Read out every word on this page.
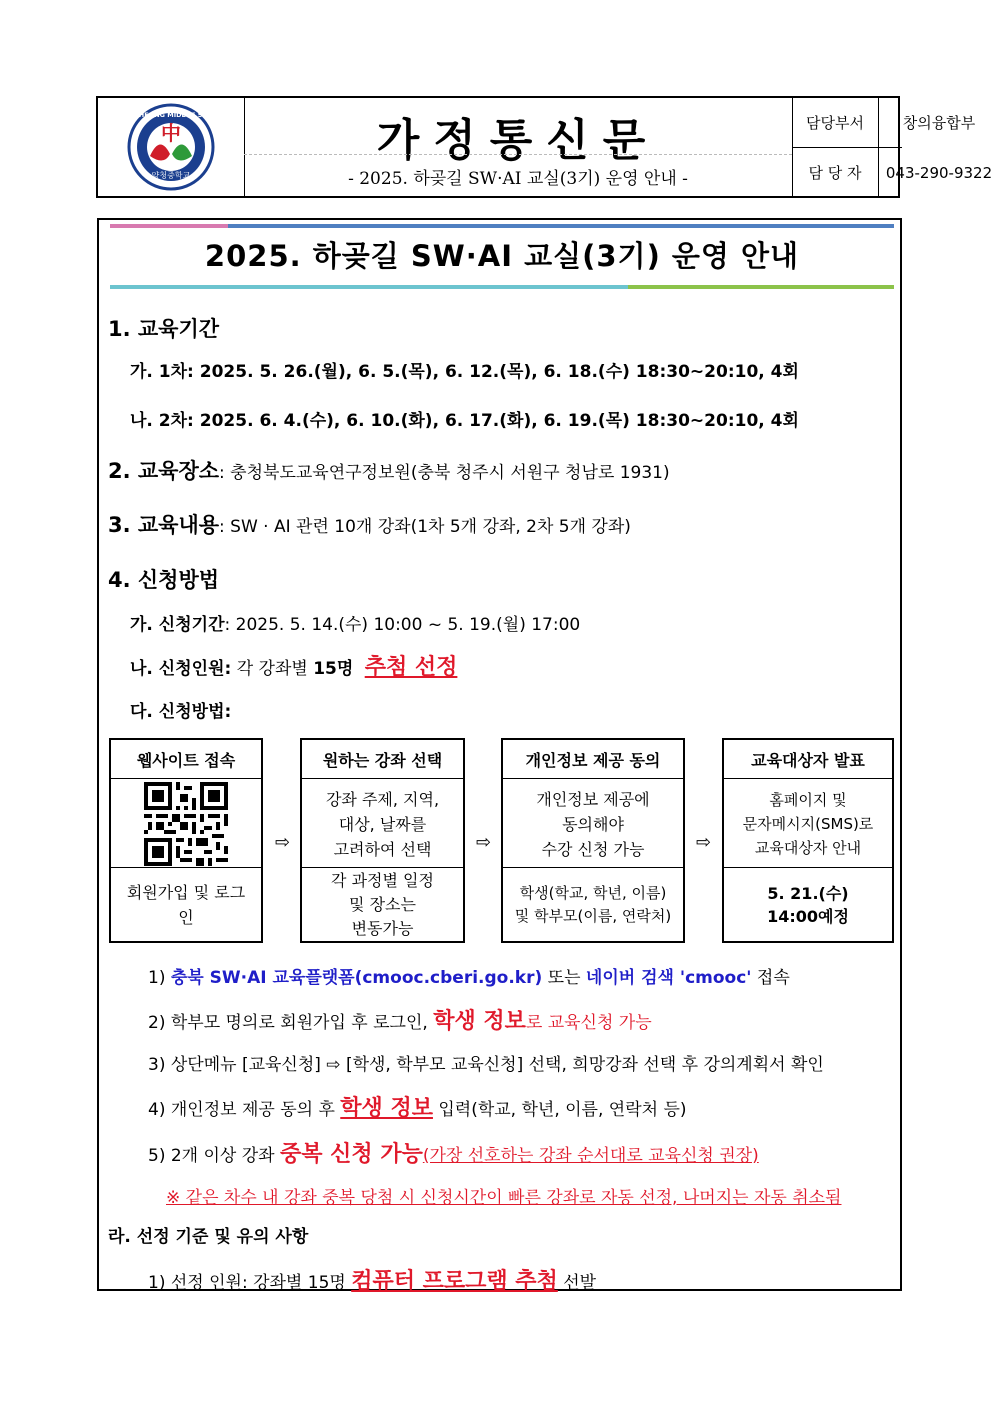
中
양청중학교
YANGCHEONG MIDDLE SCHOOL	가정통신문
- 2025. 하곶길 SW·AI 교실(3기) 운영 안내 -
담당부서	창의융합부
담 당 자	043-290-9322
2025. 하곶길 SW·AI 교실(3기) 운영 안내
1. 교육기간
가. 1차: 2025. 5. 26.(월), 6. 5.(목), 6. 12.(목), 6. 18.(수) 18:30~20:10, 4회
나. 2차: 2025. 6. 4.(수), 6. 10.(화), 6. 17.(화), 6. 19.(목) 18:30~20:10, 4회
2. 교육장소: 충청북도교육연구정보원(충북 청주시 서원구 청남로 1931)
3. 교육내용: SW · AI 관련 10개 강좌(1차 5개 강좌, 2차 5개 강좌)
4. 신청방법
가. 신청기간: 2025. 5. 14.(수) 10:00 ~ 5. 19.(월) 17:00
나. 신청인원: 각 강좌별 15명 추첨 선정
다. 신청방법:
웹사이트 접속
회원가입 및 로그인
⇨
원하는 강좌 선택
강좌 주제, 지역,
대상, 날짜를
고려하여 선택
각 과정별 일정
및 장소는
변동가능
⇨
개인정보 제공 동의
개인정보 제공에
동의해야
수강 신청 가능
학생(학교, 학년, 이름)
및 학부모(이름, 연락처)
⇨
교육대상자 발표
홈페이지 및
문자메시지(SMS)로
교육대상자 안내
5. 21.(수)
14:00예정
1) 충북 SW·AI 교육플랫폼(cmooc.cberi.go.kr) 또는 네이버 검색 'cmooc' 접속
2) 학부모 명의로 회원가입 후 로그인, 학생 정보로 교육신청 가능
3) 상단메뉴 [교육신청] ⇨ [학생, 학부모 교육신청] 선택, 희망강좌 선택 후 강의계획서 확인
4) 개인정보 제공 동의 후 학생 정보 입력(학교, 학년, 이름, 연락처 등)
5) 2개 이상 강좌 중복 신청 가능(가장 선호하는 강좌 순서대로 교육신청 권장)
※ 같은 차수 내 강좌 중복 당첨 시 신청시간이 빠른 강좌로 자동 선정, 나머지는 자동 취소됨
라. 선정 기준 및 유의 사항
1) 선정 인원: 강좌별 15명 컴퓨터 프로그램 추첨 선발
